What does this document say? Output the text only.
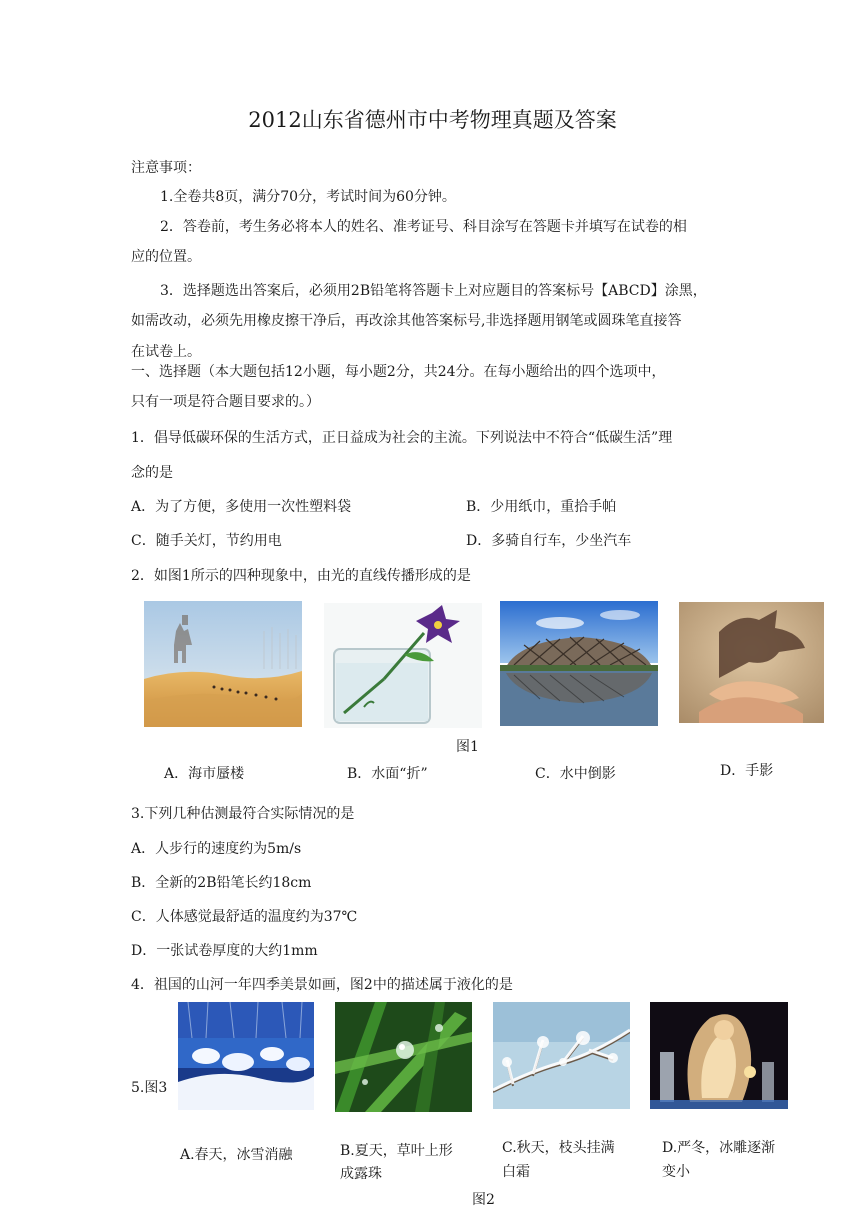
2012山东省德州市中考物理真题及答案
注意事项：
1.全卷共8页，满分70分，考试时间为60分钟。
2．答卷前，考生务必将本人的姓名、准考证号、科目涂写在答题卡并填写在试卷的相
应的位置。
3．选择题选出答案后，必须用2B铅笔将答题卡上对应题目的答案标号【ABCD】涂黑，
如需改动，必须先用橡皮擦干净后，再改涂其他答案标号,非选择题用钢笔或圆珠笔直接答
在试卷上。
一、选择题（本大题包括12小题，每小题2分，共24分。在每小题给出的四个选项中，
只有一项是符合题目要求的。）
1．倡导低碳环保的生活方式，正日益成为社会的主流。下列说法中不符合“低碳生活”理
念的是
A．为了方便，多使用一次性塑料袋	B．少用纸巾，重拾手帕
C．随手关灯，节约用电	D．多骑自行车，少坐汽车
2．如图1所示的四种现象中，由光的直线传播形成的是
图1
A．海市蜃楼	B．水面“折”	C．水中倒影	D．手影
3.下列几种估测最符合实际情况的是
A．人步行的速度约为5m/s
B．全新的2B铅笔长约18cm
C．人体感觉最舒适的温度约为37℃
D．一张试卷厚度的大约1mm
4．祖国的山河一年四季美景如画，图2中的描述属于液化的是
5.图3
A.春天，冰雪消融	B.夏天，草叶上形
成露珠
C.秋天，枝头挂满
白霜
D.严冬，冰雕逐渐
变小
图2
